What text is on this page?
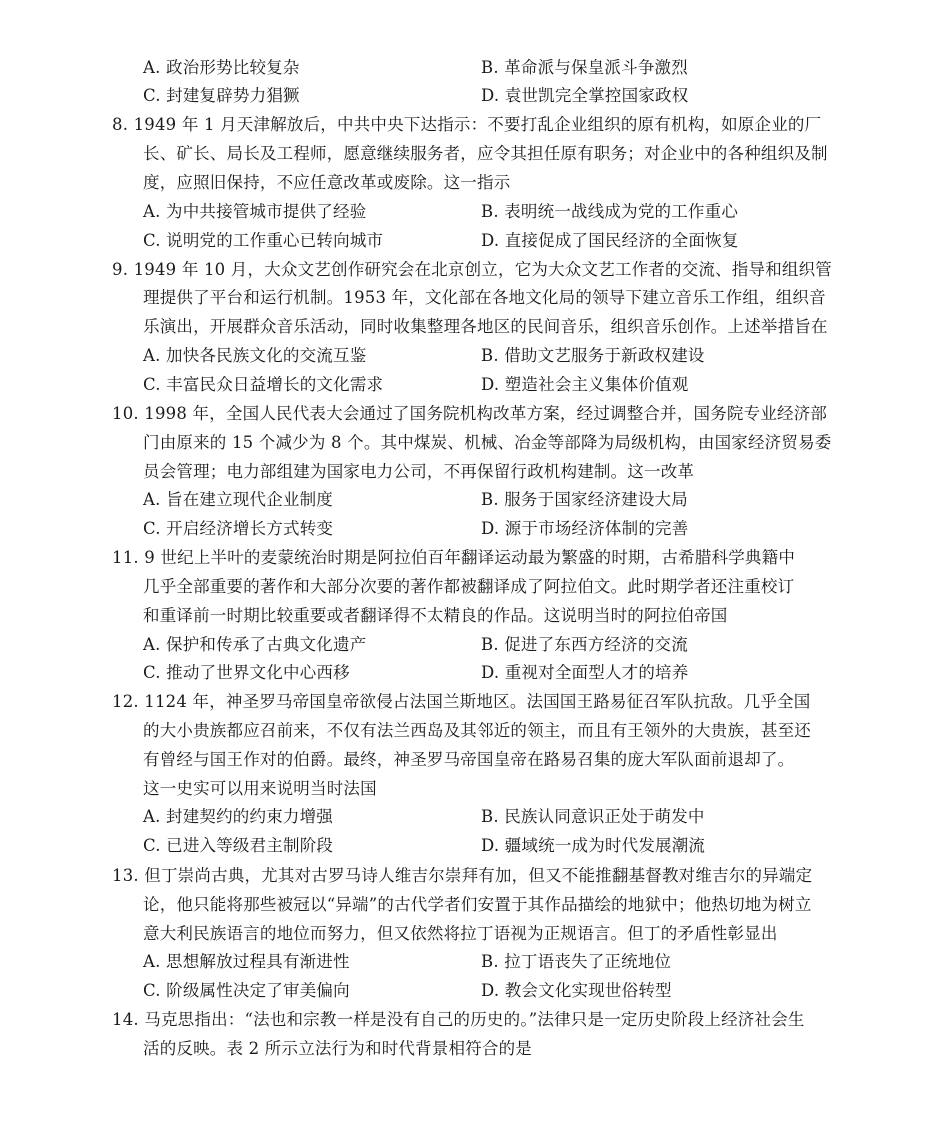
A. 政治形势比较复杂	B. 革命派与保皇派斗争激烈
C. 封建复辟势力猖獗	D. 袁世凯完全掌控国家政权
8. 1949 年 1 月天津解放后，中共中央下达指示：不要打乱企业组织的原有机构，如原企业的厂
长、矿长、局长及工程师，愿意继续服务者，应令其担任原有职务；对企业中的各种组织及制
度，应照旧保持，不应任意改革或废除。这一指示
A. 为中共接管城市提供了经验	B. 表明统一战线成为党的工作重心
C. 说明党的工作重心已转向城市	D. 直接促成了国民经济的全面恢复
9. 1949 年 10 月，大众文艺创作研究会在北京创立，它为大众文艺工作者的交流、指导和组织管
理提供了平台和运行机制。1953 年，文化部在各地文化局的领导下建立音乐工作组，组织音
乐演出，开展群众音乐活动，同时收集整理各地区的民间音乐，组织音乐创作。上述举措旨在
A. 加快各民族文化的交流互鉴	B. 借助文艺服务于新政权建设
C. 丰富民众日益增长的文化需求	D. 塑造社会主义集体价值观
10. 1998 年，全国人民代表大会通过了国务院机构改革方案，经过调整合并，国务院专业经济部
门由原来的 15 个减少为 8 个。其中煤炭、机械、冶金等部降为局级机构，由国家经济贸易委
员会管理；电力部组建为国家电力公司，不再保留行政机构建制。这一改革
A. 旨在建立现代企业制度	B. 服务于国家经济建设大局
C. 开启经济增长方式转变	D. 源于市场经济体制的完善
11. 9 世纪上半叶的麦蒙统治时期是阿拉伯百年翻译运动最为繁盛的时期，古希腊科学典籍中
几乎全部重要的著作和大部分次要的著作都被翻译成了阿拉伯文。此时期学者还注重校订
和重译前一时期比较重要或者翻译得不太精良的作品。这说明当时的阿拉伯帝国
A. 保护和传承了古典文化遗产	B. 促进了东西方经济的交流
C. 推动了世界文化中心西移	D. 重视对全面型人才的培养
12. 1124 年，神圣罗马帝国皇帝欲侵占法国兰斯地区。法国国王路易征召军队抗敌。几乎全国
的大小贵族都应召前来，不仅有法兰西岛及其邻近的领主，而且有王领外的大贵族，甚至还
有曾经与国王作对的伯爵。最终，神圣罗马帝国皇帝在路易召集的庞大军队面前退却了。
这一史实可以用来说明当时法国
A. 封建契约的约束力增强	B. 民族认同意识正处于萌发中
C. 已进入等级君主制阶段	D. 疆域统一成为时代发展潮流
13. 但丁崇尚古典，尤其对古罗马诗人维吉尔崇拜有加，但又不能推翻基督教对维吉尔的异端定
论，他只能将那些被冠以“异端”的古代学者们安置于其作品描绘的地狱中；他热切地为树立
意大利民族语言的地位而努力，但又依然将拉丁语视为正规语言。但丁的矛盾性彰显出
A. 思想解放过程具有渐进性	B. 拉丁语丧失了正统地位
C. 阶级属性决定了审美偏向	D. 教会文化实现世俗转型
14. 马克思指出：“法也和宗教一样是没有自己的历史的。”法律只是一定历史阶段上经济社会生
活的反映。表 2 所示立法行为和时代背景相符合的是
